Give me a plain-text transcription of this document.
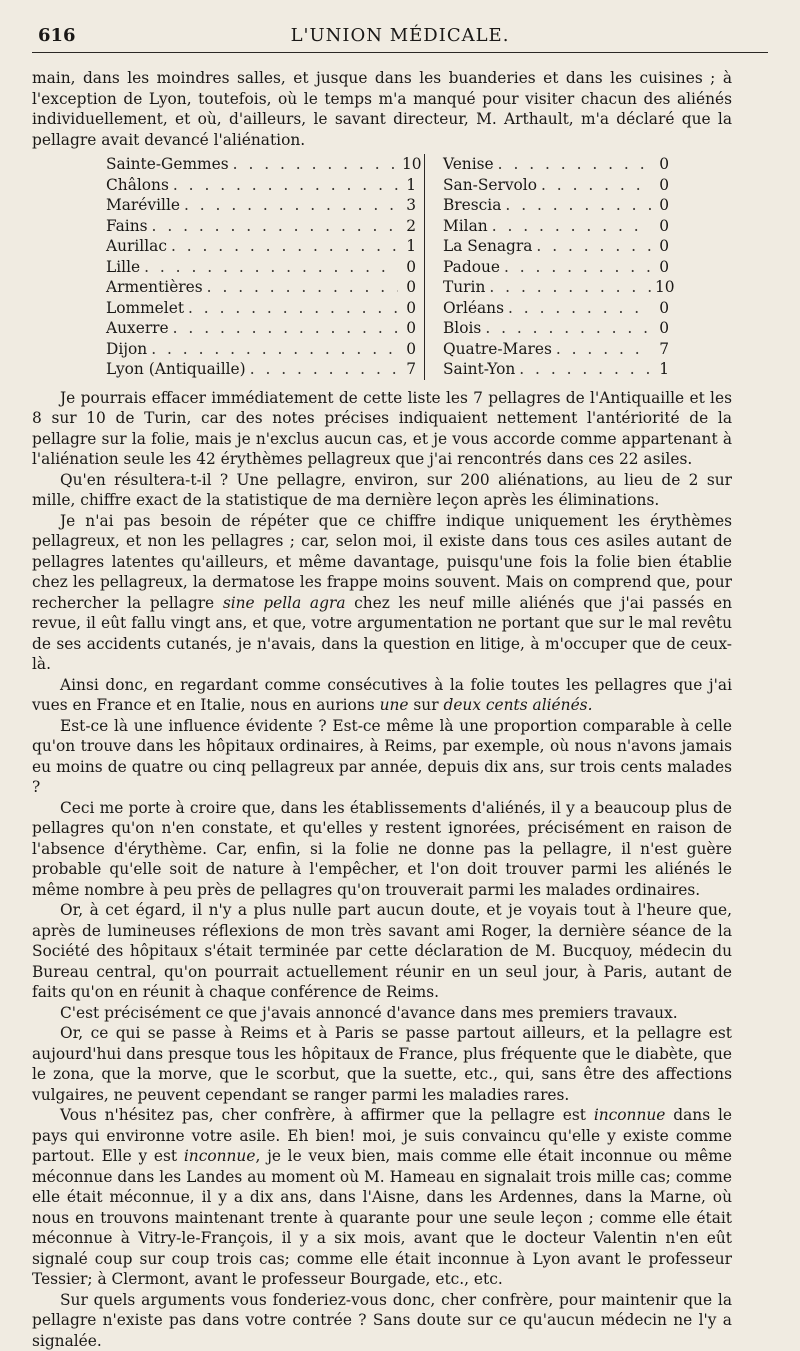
616	L'UNION MÉDICALE.

main, dans les moindres salles, et jusque dans les buanderies et dans les cuisines ; à l'exception de Lyon, toutefois, où le temps m'a manqué pour visiter chacun des aliénés individuellement, et où, d'ailleurs, le savant directeur, M. Arthault, m'a déclaré que la pellagre avait devancé l'aliénation.

Sainte-Gemmes . . .	10
Châlons . . .	1
Maréville . . .	3
Fains . . .	2
Aurillac . . .	1
Lille . . .	0
Armentières . . .	0
Lommelet . . .	0
Auxerre . . .	0
Dijon . . .	0
Lyon (Antiquaille) . . .	7
Venise . . .	0
San-Servolo . . .	0
Brescia . . .	0
Milan . . .	0
La Senagra . . .	0
Padoue . . .	0
Turin . . .	10
Orléans . . .	0
Blois . . .	0
Quatre-Mares . . .	7
Saint-Yon . . .	1

Je pourrais effacer immédiatement de cette liste les 7 pellagres de l'Antiquaille et les 8 sur 10 de Turin, car des notes précises indiquaient nettement l'antériorité de la pellagre sur la folie, mais je n'exclus aucun cas, et je vous accorde comme appartenant à l'aliénation seule les 42 érythèmes pellagreux que j'ai rencontrés dans ces 22 asiles.

Qu'en résultera-t-il ? Une pellagre, environ, sur 200 aliénations, au lieu de 2 sur mille, chiffre exact de la statistique de ma dernière leçon après les éliminations.

Je n'ai pas besoin de répéter que ce chiffre indique uniquement les érythèmes pellagreux, et non les pellagres ; car, selon moi, il existe dans tous ces asiles autant de pellagres latentes qu'ailleurs, et même davantage, puisqu'une fois la folie bien établie chez les pellagreux, la dermatose les frappe moins souvent. Mais on comprend que, pour rechercher la pellagre sine pella agra chez les neuf mille aliénés que j'ai passés en revue, il eût fallu vingt ans, et que, votre argumentation ne portant que sur le mal revêtu de ses accidents cutanés, je n'avais, dans la question en litige, à m'occuper que de ceux-là.

Ainsi donc, en regardant comme consécutives à la folie toutes les pellagres que j'ai vues en France et en Italie, nous en aurions une sur deux cents aliénés.

Est-ce là une influence évidente ? Est-ce même là une proportion comparable à celle qu'on trouve dans les hôpitaux ordinaires, à Reims, par exemple, où nous n'avons jamais eu moins de quatre ou cinq pellagreux par année, depuis dix ans, sur trois cents malades ?

Ceci me porte à croire que, dans les établissements d'aliénés, il y a beaucoup plus de pellagres qu'on n'en constate, et qu'elles y restent ignorées, précisément en raison de l'absence d'érythème. Car, enfin, si la folie ne donne pas la pellagre, il n'est guère probable qu'elle soit de nature à l'empêcher, et l'on doit trouver parmi les aliénés le même nombre à peu près de pellagres qu'on trouverait parmi les malades ordinaires.

Or, à cet égard, il n'y a plus nulle part aucun doute, et je voyais tout à l'heure que, après de lumineuses réflexions de mon très savant ami Roger, la dernière séance de la Société des hôpitaux s'était terminée par cette déclaration de M. Bucquoy, médecin du Bureau central, qu'on pourrait actuellement réunir en un seul jour, à Paris, autant de faits qu'on en réunit à chaque conférence de Reims.

C'est précisément ce que j'avais annoncé d'avance dans mes premiers travaux.

Or, ce qui se passe à Reims et à Paris se passe partout ailleurs, et la pellagre est aujourd'hui dans presque tous les hôpitaux de France, plus fréquente que le diabète, que le zona, que la morve, que le scorbut, que la suette, etc., qui, sans être des affections vulgaires, ne peuvent cependant se ranger parmi les maladies rares.

Vous n'hésitez pas, cher confrère, à affirmer que la pellagre est inconnue dans le pays qui environne votre asile. Eh bien! moi, je suis convaincu qu'elle y existe comme partout. Elle y est inconnue, je le veux bien, mais comme elle était inconnue ou même méconnue dans les Landes au moment où M. Hameau en signalait trois mille cas; comme elle était méconnue, il y a dix ans, dans l'Aisne, dans les Ardennes, dans la Marne, où nous en trouvons maintenant trente à quarante pour une seule leçon ; comme elle était méconnue à Vitry-le-François, il y a six mois, avant que le docteur Valentin n'en eût signalé coup sur coup trois cas; comme elle était inconnue à Lyon avant le professeur Tessier; à Clermont, avant le professeur Bourgade, etc., etc.

Sur quels arguments vous fonderiez-vous donc, cher confrère, pour maintenir que la pellagre n'existe pas dans votre contrée ? Sans doute sur ce qu'aucun médecin ne l'y a signalée.
